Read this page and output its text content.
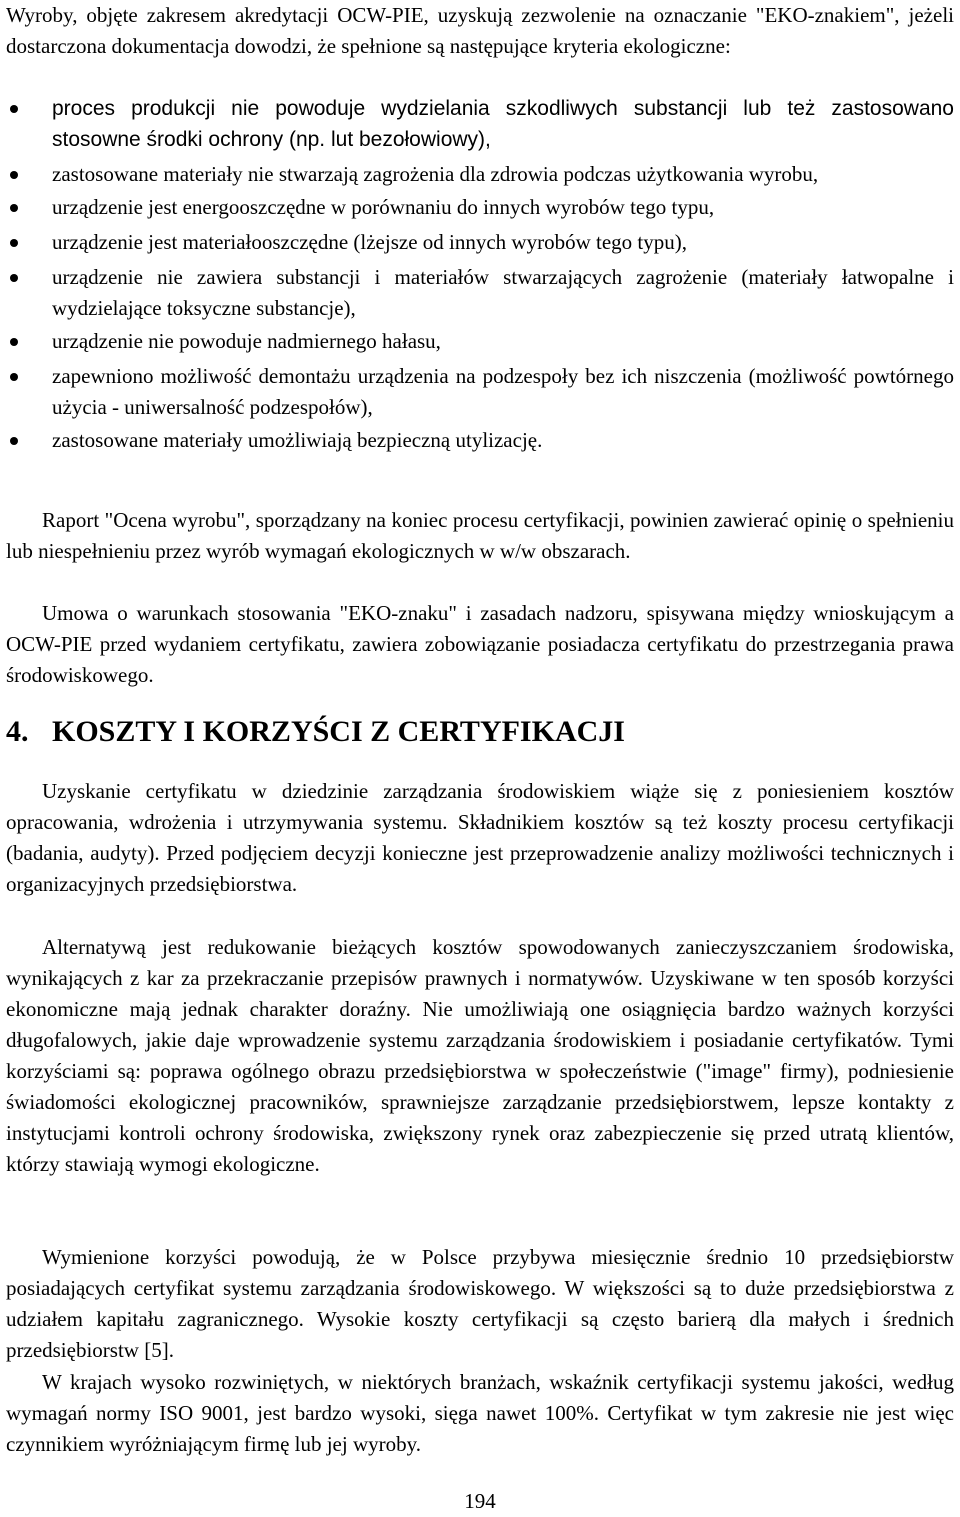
Wyroby, objęte zakresem akredytacji OCW-PIE, uzyskują zezwolenie na oznaczanie "EKO-znakiem", jeżeli dostarczona dokumentacja dowodzi, że spełnione są następujące kryteria ekologiczne:

proces produkcji nie powoduje wydzielania szkodliwych substancji lub też zastosowano stosowne środki ochrony (np. lut bezołowiowy),
zastosowane materiały nie stwarzają zagrożenia dla zdrowia podczas użytkowania wyrobu,
urządzenie jest energooszczędne w porównaniu do innych wyrobów tego typu,
urządzenie jest materiałooszczędne (lżejsze od innych wyrobów tego typu),
urządzenie nie zawiera substancji i materiałów stwarzających zagrożenie (materiały łatwopalne i wydzielające toksyczne substancje),
urządzenie nie powoduje nadmiernego hałasu,
zapewniono możliwość demontażu urządzenia na podzespoły bez ich niszczenia (możliwość powtórnego użycia - uniwersalność podzespołów),
zastosowane materiały umożliwiają bezpieczną utylizację.

Raport "Ocena wyrobu", sporządzany na koniec procesu certyfikacji, powinien zawierać opinię o spełnieniu lub niespełnieniu przez wyrób wymagań ekologicznych w w/w obszarach.

Umowa o warunkach stosowania "EKO-znaku" i zasadach nadzoru, spisywana między wnioskującym a OCW-PIE przed wydaniem certyfikatu, zawiera zobowiązanie posiadacza certyfikatu do przestrzegania prawa środowiskowego.

4. KOSZTY I KORZYŚCI Z CERTYFIKACJI

Uzyskanie certyfikatu w dziedzinie zarządzania środowiskiem wiąże się z poniesieniem kosztów opracowania, wdrożenia i utrzymywania systemu. Składnikiem kosztów są też koszty procesu certyfikacji (badania, audyty). Przed podjęciem decyzji konieczne jest przeprowadzenie analizy możliwości technicznych i organizacyjnych przedsiębiorstwa.

Alternatywą jest redukowanie bieżących kosztów spowodowanych zanieczyszczaniem środowiska, wynikających z kar za przekraczanie przepisów prawnych i normatywów. Uzyskiwane w ten sposób korzyści ekonomiczne mają jednak charakter doraźny. Nie umożliwiają one osiągnięcia bardzo ważnych korzyści długofalowych, jakie daje wprowadzenie systemu zarządzania środowiskiem i posiadanie certyfikatów. Tymi korzyściami są: poprawa ogólnego obrazu przedsiębiorstwa w społeczeństwie ("image" firmy), podniesienie świadomości ekologicznej pracowników, sprawniejsze zarządzanie przedsiębiorstwem, lepsze kontakty z instytucjami kontroli ochrony środowiska, zwiększony rynek oraz zabezpieczenie się przed utratą klientów, którzy stawiają wymogi ekologiczne.

Wymienione korzyści powodują, że w Polsce przybywa miesięcznie średnio 10 przedsiębiorstw posiadających certyfikat systemu zarządzania środowiskowego. W większości są to duże przedsiębiorstwa z udziałem kapitału zagranicznego. Wysokie koszty certyfikacji są często barierą dla małych i średnich przedsiębiorstw [5].

W krajach wysoko rozwiniętych, w niektórych branżach, wskaźnik certyfikacji systemu jakości, według wymagań normy ISO 9001, jest bardzo wysoki, sięga nawet 100%. Certyfikat w tym zakresie nie jest więc czynnikiem wyróżniającym firmę lub jej wyroby.

194
